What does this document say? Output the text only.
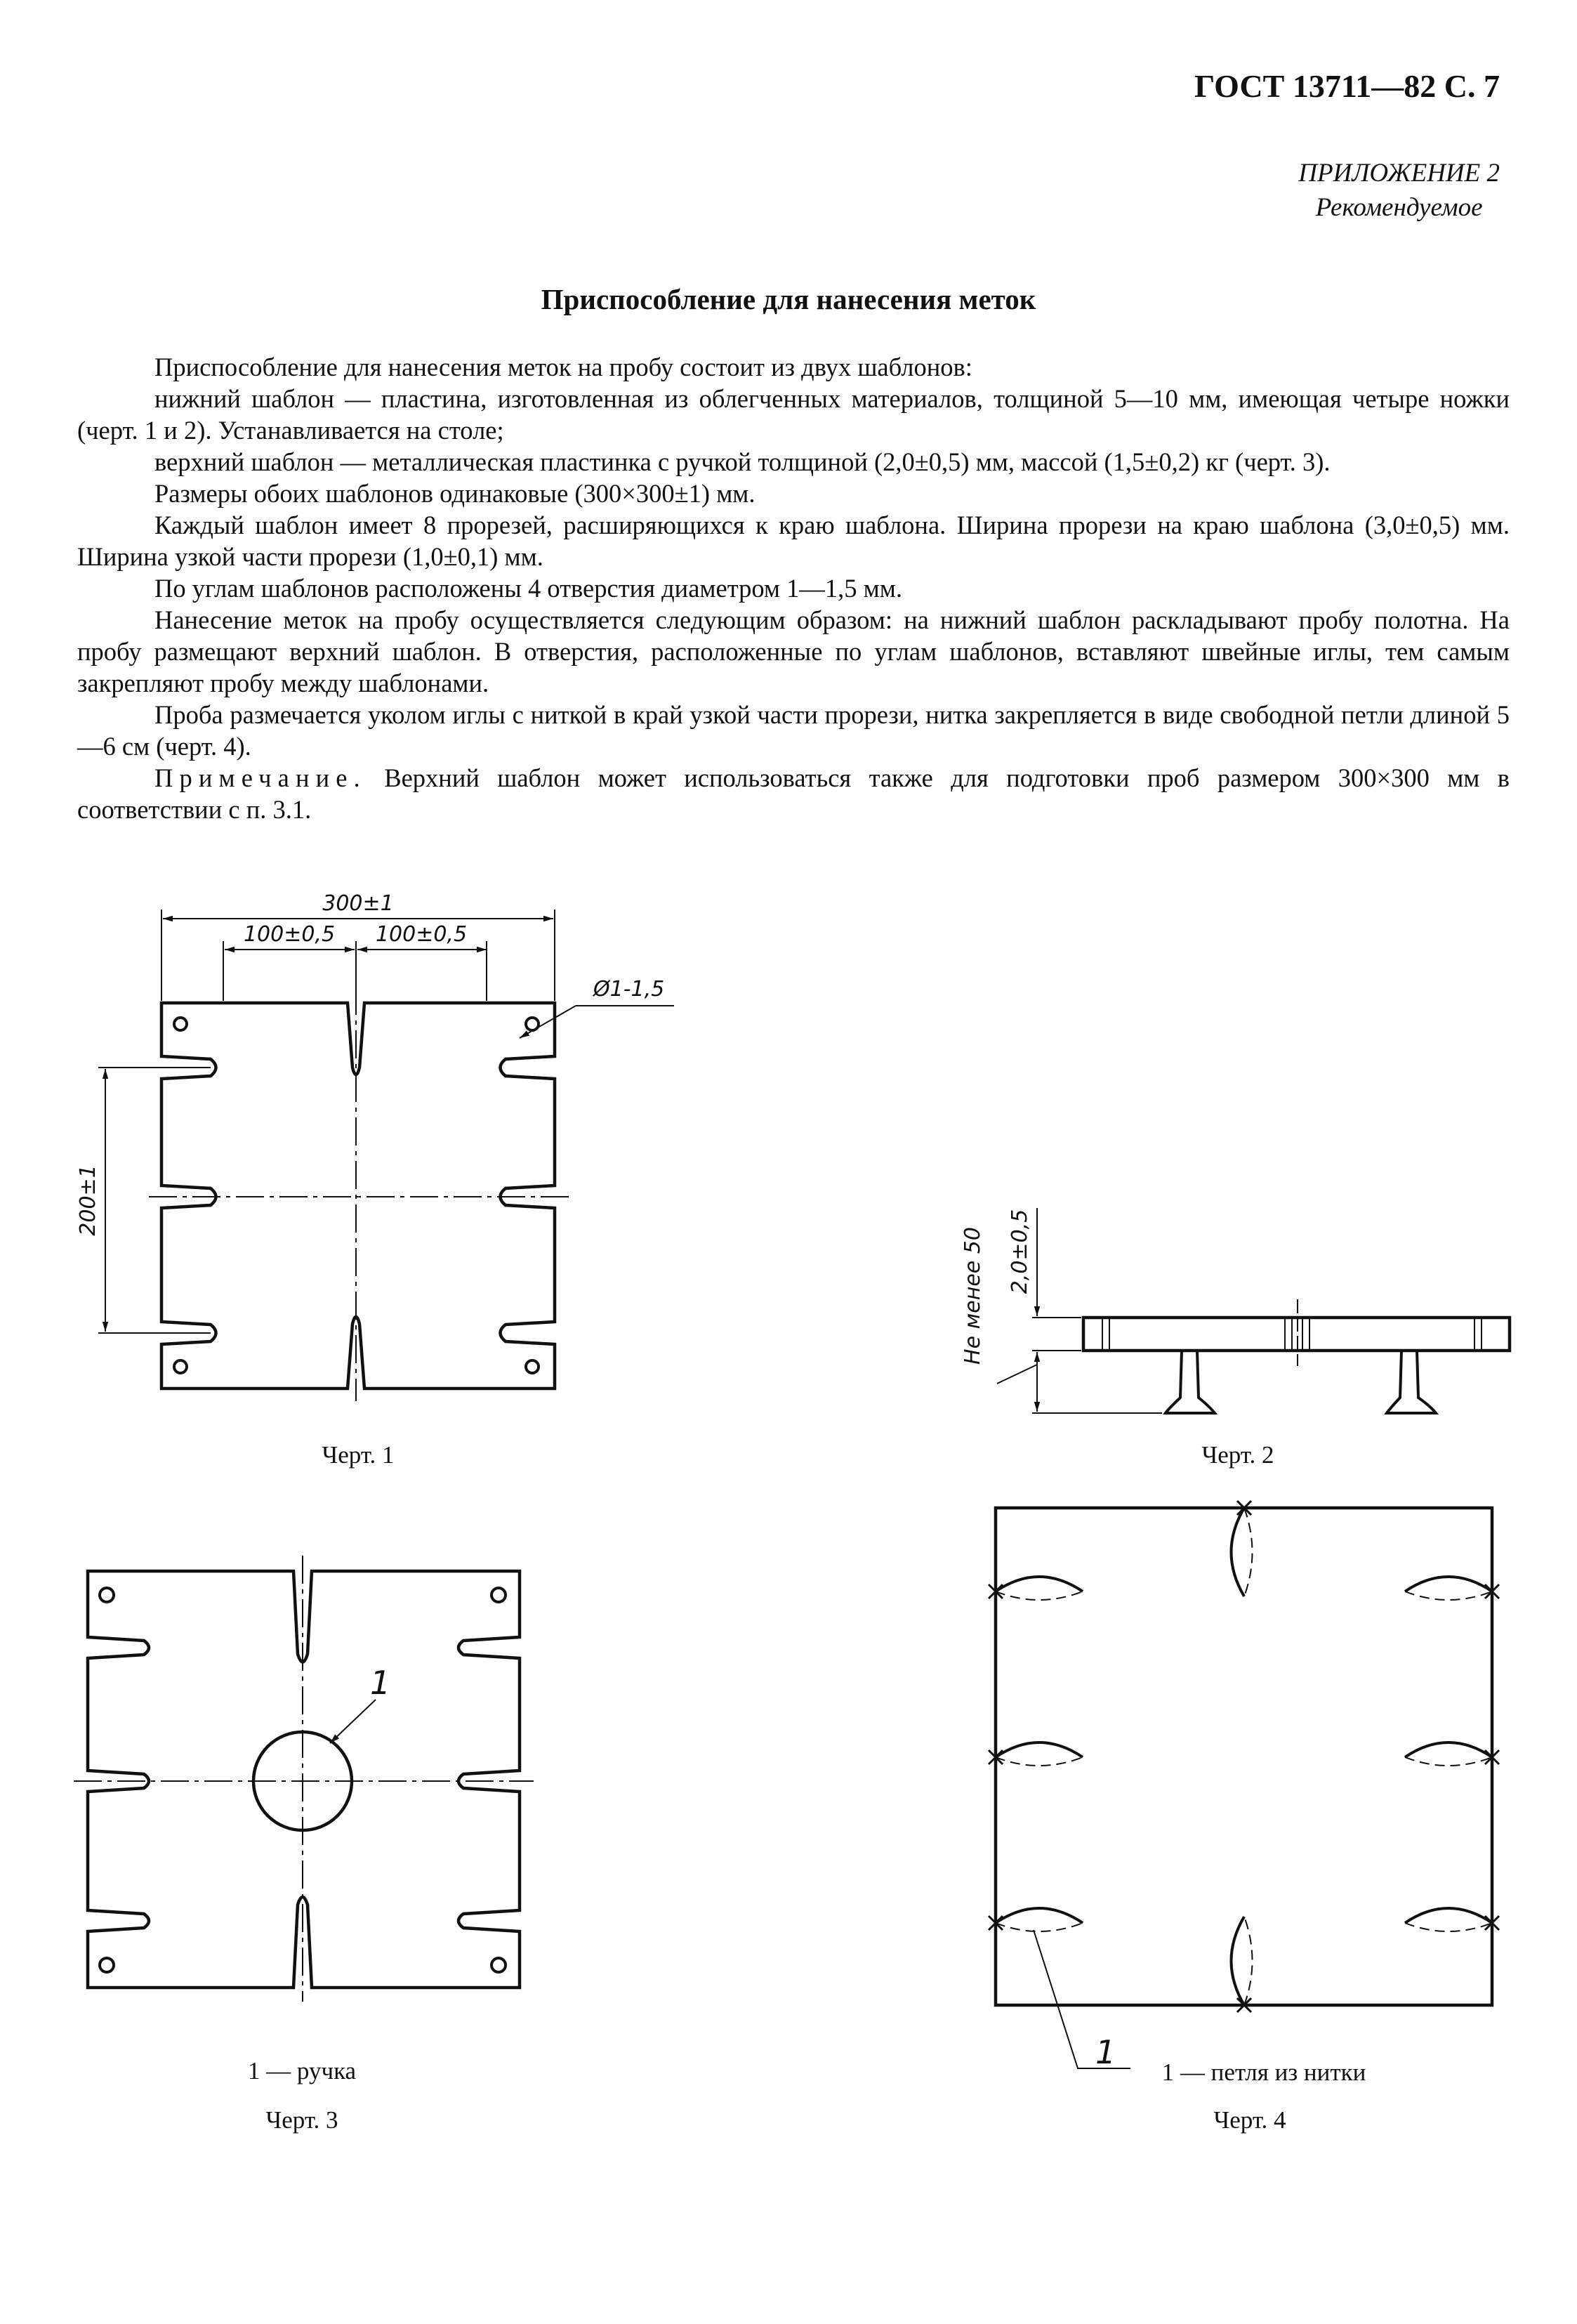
ГОСТ 13711—82 С. 7
ПРИЛОЖЕНИЕ 2
Рекомендуемое
Приспособление для нанесения меток

Приспособление для нанесения меток на пробу состоит из двух шаблонов:

нижний шаблон — пластина, изготовленная из облегченных материалов, толщиной 5—10 мм, имеющая четыре ножки (черт. 1 и 2). Устанавливается на столе;

верхний шаблон — металлическая пластинка с ручкой толщиной (2,0±0,5) мм, массой (1,5±0,2) кг (черт. 3).

Размеры обоих шаблонов одинаковые (300×300±1) мм.

Каждый шаблон имеет 8 прорезей, расширяющихся к краю шаблона. Ширина прорези на краю шаблона (3,0±0,5) мм. Ширина узкой части прорези (1,0±0,1) мм.

По углам шаблонов расположены 4 отверстия диаметром 1—1,5 мм.

Нанесение меток на пробу осуществляется следующим образом: на нижний шаблон раскладывают пробу полотна. На пробу размещают верхний шаблон. В отверстия, расположенные по углам шаблонов, вставляют швейные иглы, тем самым закрепляют пробу между шаблонами.

Проба размечается уколом иглы с ниткой в край узкой части прорези, нитка закрепляется в виде свободной петли длиной 5—6 см (черт. 4).

Примечание. Верхний шаблон может использоваться также для подготовки проб размером 300×300 мм в соответствии с п. 3.1.

300±1
100±0,5 100±0,5
Ø1-1,5
200±1
Черт. 1
Не менее 50 2,0±0,5
Черт. 2
1
1 — ручка
Черт. 3
1
1 — петля из нитки
Черт. 4
